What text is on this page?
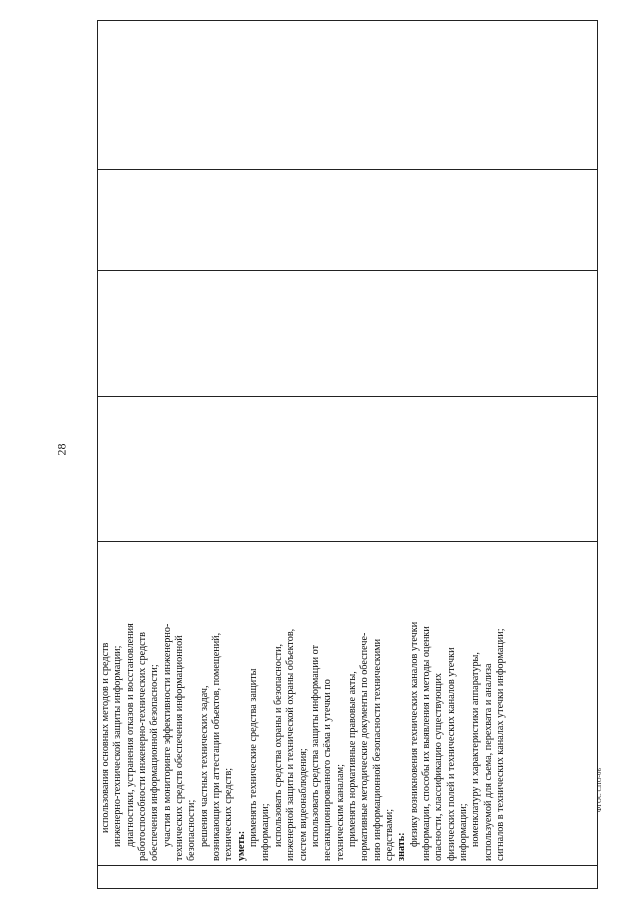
28

использования основных методов и средств инженерно-технической защиты информации; диагностики, устранения отказов и восстановления работоспособности инженерно-технических средств обеспечения информационной безопасности; участия в мониторинге эффективности инженерно- технических средств обеспечения информационной безопасности; решения частных технических задач, возникающих при аттестации объектов, помещений, технических средств; уметь: применять технические средства защиты информации; использовать средства охраны и безопасности, инженерной защиты и технической охраны объектов, систем видеонаблюдения; использовать средства защиты информации от несанкционированного съёма и утечки по техническим каналам; применять нормативные правовые акты, нормативные методические документы по обеспече- нию информационной безопасности техническими средствами; знать: физику возникновения технических каналов утечки информации, способы их выявления и методы оценки опасности, классификацию существующих физических полей и технических каналов утечки информации; номенклатуру и характеристики аппаратуры, используемой для съема, перехвата и анализа сигналов в технических каналах утечки информации;
					ФГОС СПО-06
